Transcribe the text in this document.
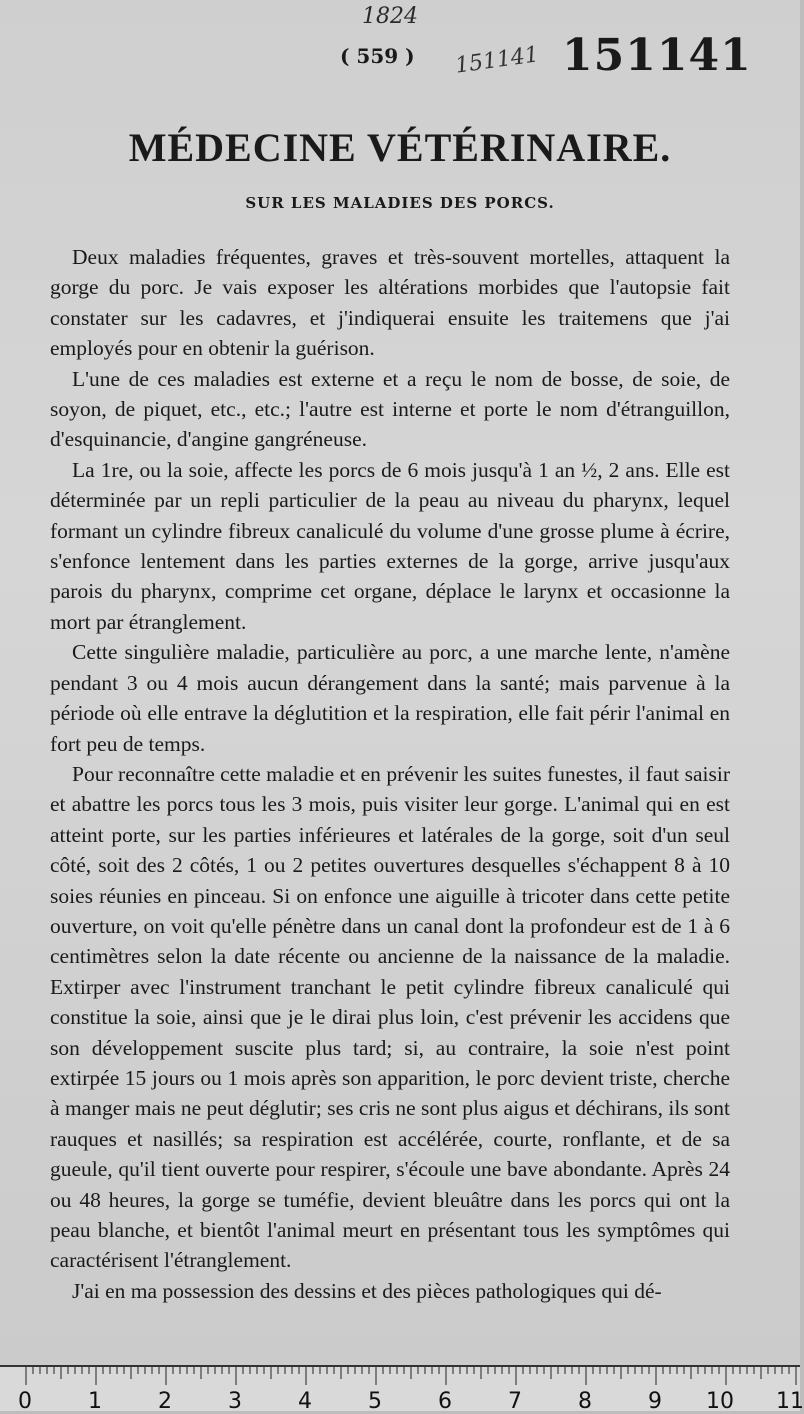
1824
( 559 ) 151141 151141
MÉDECINE VÉTÉRINAIRE.
SUR LES MALADIES DES PORCS.

Deux maladies fréquentes, graves et très-souvent mortelles, attaquent la gorge du porc. Je vais exposer les altérations morbides que l'autopsie fait constater sur les cadavres, et j'indiquerai ensuite les traitemens que j'ai employés pour en obtenir la guérison.

L'une de ces maladies est externe et a reçu le nom de bosse, de soie, de soyon, de piquet, etc., etc.; l'autre est interne et porte le nom d'étranguillon, d'esquinancie, d'angine gangréneuse.

La 1re, ou la soie, affecte les porcs de 6 mois jusqu'à 1 an ½, 2 ans. Elle est déterminée par un repli particulier de la peau au niveau du pharynx, lequel formant un cylindre fibreux canaliculé du volume d'une grosse plume à écrire, s'enfonce lentement dans les parties externes de la gorge, arrive jusqu'aux parois du pharynx, comprime cet organe, déplace le larynx et occasionne la mort par étranglement.

Cette singulière maladie, particulière au porc, a une marche lente, n'amène pendant 3 ou 4 mois aucun dérangement dans la santé; mais parvenue à la période où elle entrave la déglutition et la respiration, elle fait périr l'animal en fort peu de temps.

Pour reconnaître cette maladie et en prévenir les suites funestes, il faut saisir et abattre les porcs tous les 3 mois, puis visiter leur gorge. L'animal qui en est atteint porte, sur les parties inférieures et latérales de la gorge, soit d'un seul côté, soit des 2 côtés, 1 ou 2 petites ouvertures desquelles s'échappent 8 à 10 soies réunies en pinceau. Si on enfonce une aiguille à tricoter dans cette petite ouverture, on voit qu'elle pénètre dans un canal dont la profondeur est de 1 à 6 centimètres selon la date récente ou ancienne de la naissance de la maladie. Extirper avec l'instrument tranchant le petit cylindre fibreux canaliculé qui constitue la soie, ainsi que je le dirai plus loin, c'est prévenir les accidens que son développement suscite plus tard; si, au contraire, la soie n'est point extirpée 15 jours ou 1 mois après son apparition, le porc devient triste, cherche à manger mais ne peut déglutir; ses cris ne sont plus aigus et déchirans, ils sont rauques et nasillés; sa respiration est accélérée, courte, ronflante, et de sa gueule, qu'il tient ouverte pour respirer, s'écoule une bave abondante. Après 24 ou 48 heures, la gorge se tuméfie, devient bleuâtre dans les porcs qui ont la peau blanche, et bientôt l'animal meurt en présentant tous les symptômes qui caractérisent l'étranglement.

J'ai en ma possession des dessins et des pièces pathologiques qui dé-

0	1	2	3	4	5	6	7	8	9 10 11
